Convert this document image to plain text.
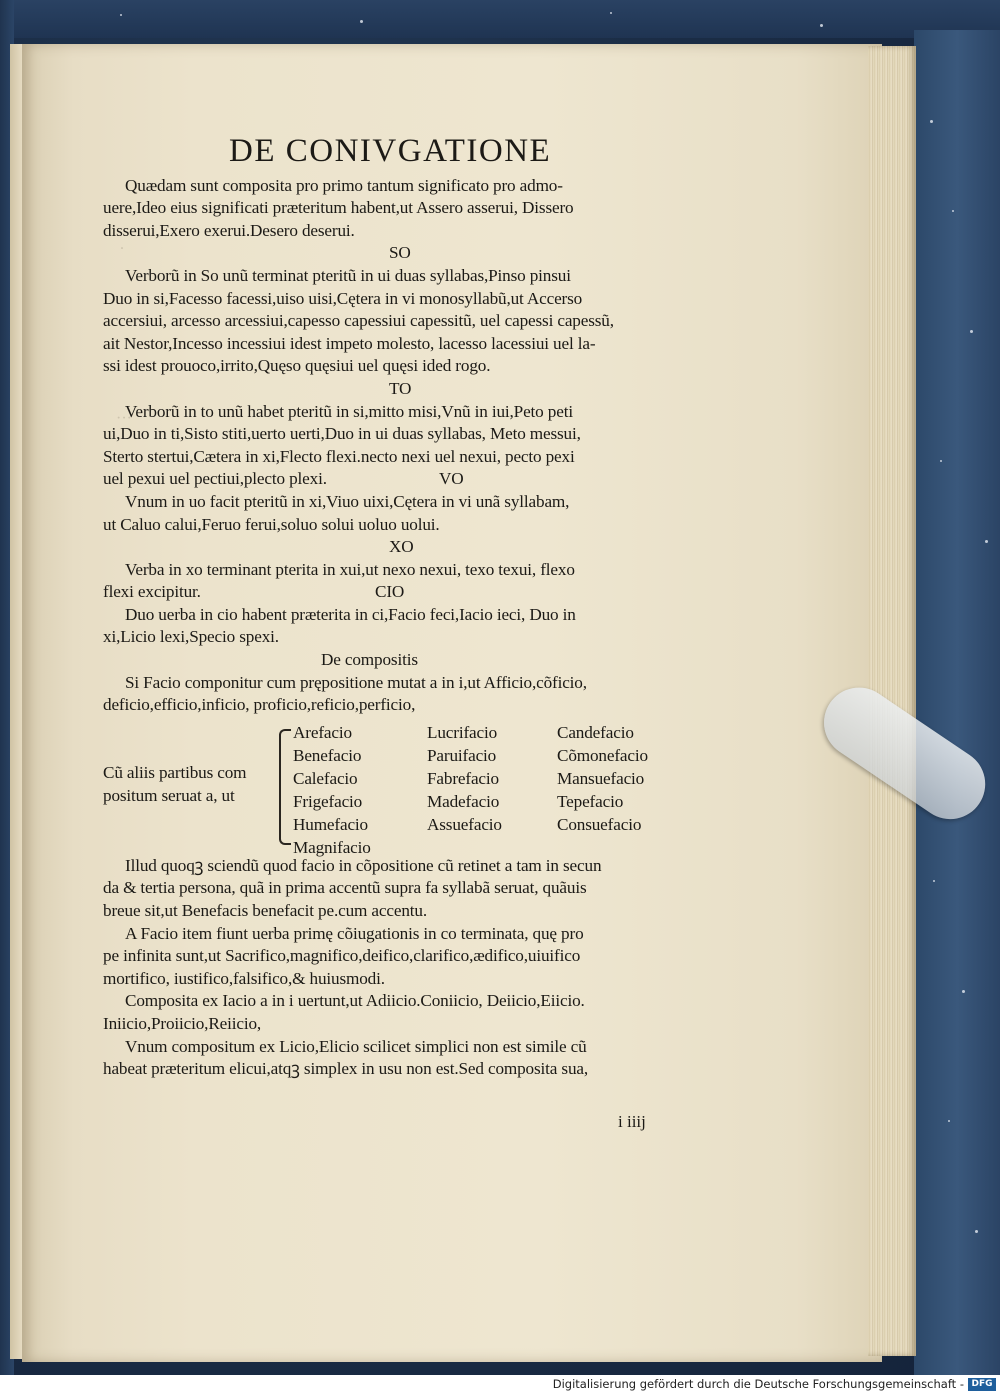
.
···

DE CONIVGATIONE

Quædam sunt composita pro primo tantum significato pro admo-

uere,Ideo eius significati præteritum habent,ut Assero asserui, Dissero

disserui,Exero exerui.Desero deserui.

SO

Verborũ in So unũ terminat pteritũ in ui duas syllabas,Pinso pinsui

Duo in si,Facesso facessi,uiso uisi,Cętera in vi monosyllabũ,ut Accerso

accersiui, arcesso arcessiui,capesso capessiui capessitũ, uel capessi capessũ,

ait Nestor,Incesso incessiui idest impeto molesto, lacesso lacessiui uel la-

ssi idest prouoco,irrito,Quęso quęsiui uel quęsi ided rogo.

TO

Verborũ in to unũ habet pteritũ in si,mitto misi,Vnũ in iui,Peto peti

ui,Duo in ti,Sisto stiti,uerto uerti,Duo in ui duas syllabas, Meto messui,

Sterto stertui,Cætera in xi,Flecto flexi.necto nexi uel nexui, pecto pexi

uel pexui uel pectiui,plecto plexi.	VO

Vnum in uo facit pteritũ in xi,Viuo uixi,Cętera in vi unã syllabam,

ut Caluo calui,Feruo ferui,soluo solui uoluo uolui.

XO

Verba in xo terminant pterita in xui,ut nexo nexui, texo texui, flexo

flexi excipitur.	CIO

Duo uerba in cio habent præterita in ci,Facio feci,Iacio ieci, Duo in

xi,Licio lexi,Specio spexi.

De compositis

Si Facio componitur cum prępositione mutat a in i,ut Afficio,cõficio,

deficio,efficio,inficio, proficio,reficio,perficio,

Cũ aliis partibus com
positum seruat a, ut
Arefacio
Benefacio
Calefacio
Frigefacio
Humefacio
Magnifacio
Lucrifacio
Paruifacio
Fabrefacio
Madefacio
Assuefacio
Candefacio
Cõmonefacio
Mansuefacio
Tepefacio
Consuefacio

Illud quoqꝫ sciendũ quod facio in cõpositione cũ retinet a tam in secun

da & tertia persona, quã in prima accentũ supra fa syllabã seruat, quãuis

breue sit,ut Benefacis benefacit pe.cum accentu.

A Facio item fiunt uerba primę cõiugationis in co terminata, quę pro

pe infinita sunt,ut Sacrifico,magnifico,deifico,clarifico,ædifico,uiuifico

mortifico, iustifico,falsifico,& huiusmodi.

Composita ex Iacio a in i uertunt,ut Adiicio.Coniicio, Deiicio,Eiicio.

Iniicio,Proiicio,Reiicio,

Vnum compositum ex Licio,Elicio scilicet simplici non est simile cũ

habeat præteritum elicui,atqꝫ simplex in usu non est.Sed composita sua,

i iiij
Digitalisierung gefördert durch die Deutsche Forschungsgemeinschaft - DFG
